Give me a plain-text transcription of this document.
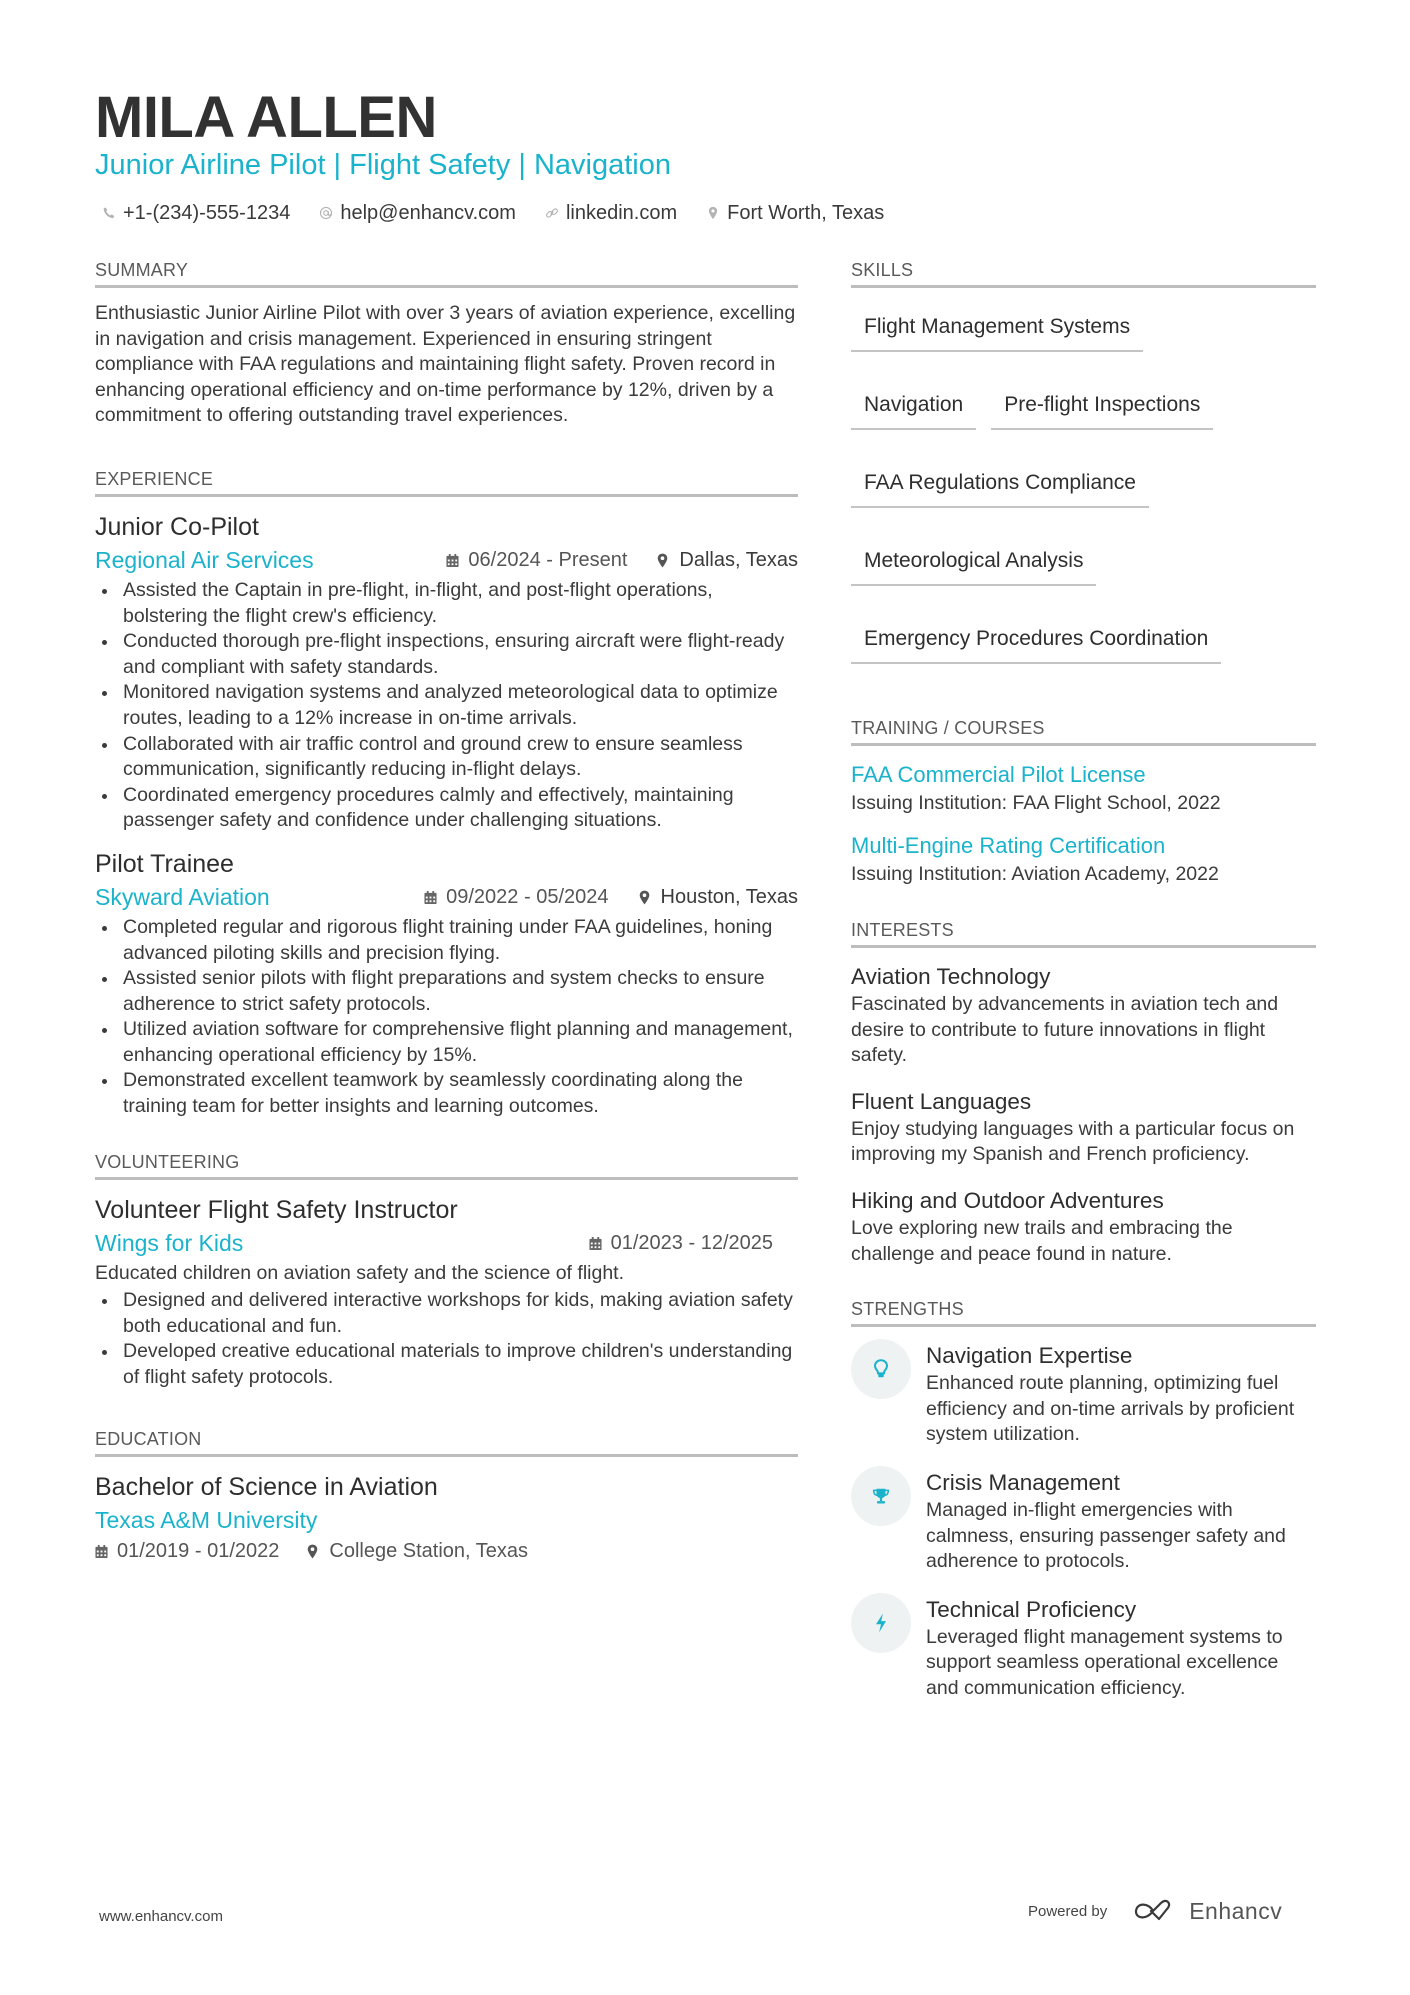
MILA ALLEN
Junior Airline Pilot | Flight Safety | Navigation
+1-(234)-555-1234	help@enhancv.com	linkedin.com	Fort Worth, Texas
SUMMARY
Enthusiastic Junior Airline Pilot with over 3 years of aviation experience, excelling in navigation and crisis management. Experienced in ensuring stringent compliance with FAA regulations and maintaining flight safety. Proven record in enhancing operational efficiency and on-time performance by 12%, driven by a commitment to offering outstanding travel experiences.
EXPERIENCE
Junior Co-Pilot
Regional Air Services	06/2024 - Present	Dallas, Texas
Assisted the Captain in pre-flight, in-flight, and post-flight operations, bolstering the flight crew's efficiency.
Conducted thorough pre-flight inspections, ensuring aircraft were flight-ready and compliant with safety standards.
Monitored navigation systems and analyzed meteorological data to optimize routes, leading to a 12% increase in on-time arrivals.
Collaborated with air traffic control and ground crew to ensure seamless communication, significantly reducing in-flight delays.
Coordinated emergency procedures calmly and effectively, maintaining passenger safety and confidence under challenging situations.
Pilot Trainee
Skyward Aviation	09/2022 - 05/2024	Houston, Texas
Completed regular and rigorous flight training under FAA guidelines, honing advanced piloting skills and precision flying.
Assisted senior pilots with flight preparations and system checks to ensure adherence to strict safety protocols.
Utilized aviation software for comprehensive flight planning and management, enhancing operational efficiency by 15%.
Demonstrated excellent teamwork by seamlessly coordinating along the training team for better insights and learning outcomes.
VOLUNTEERING
Volunteer Flight Safety Instructor
Wings for Kids	01/2023 - 12/2025
Educated children on aviation safety and the science of flight.
Designed and delivered interactive workshops for kids, making aviation safety both educational and fun.
Developed creative educational materials to improve children's understanding of flight safety protocols.
EDUCATION
Bachelor of Science in Aviation
Texas A&M University
01/2019 - 01/2022	College Station, Texas
SKILLS
Flight Management Systems
Navigation	Pre-flight Inspections
FAA Regulations Compliance
Meteorological Analysis
Emergency Procedures Coordination
TRAINING / COURSES
FAA Commercial Pilot License
Issuing Institution: FAA Flight School, 2022
Multi-Engine Rating Certification
Issuing Institution: Aviation Academy, 2022
INTERESTS
Aviation Technology
Fascinated by advancements in aviation tech and desire to contribute to future innovations in flight safety.
Fluent Languages
Enjoy studying languages with a particular focus on improving my Spanish and French proficiency.
Hiking and Outdoor Adventures
Love exploring new trails and embracing the challenge and peace found in nature.
STRENGTHS
Navigation Expertise
Enhanced route planning, optimizing fuel efficiency and on-time arrivals by proficient system utilization.
Crisis Management
Managed in-flight emergencies with calmness, ensuring passenger safety and adherence to protocols.
Technical Proficiency
Leveraged flight management systems to support seamless operational excellence and communication efficiency.
www.enhancv.com	Powered by	Enhancv
